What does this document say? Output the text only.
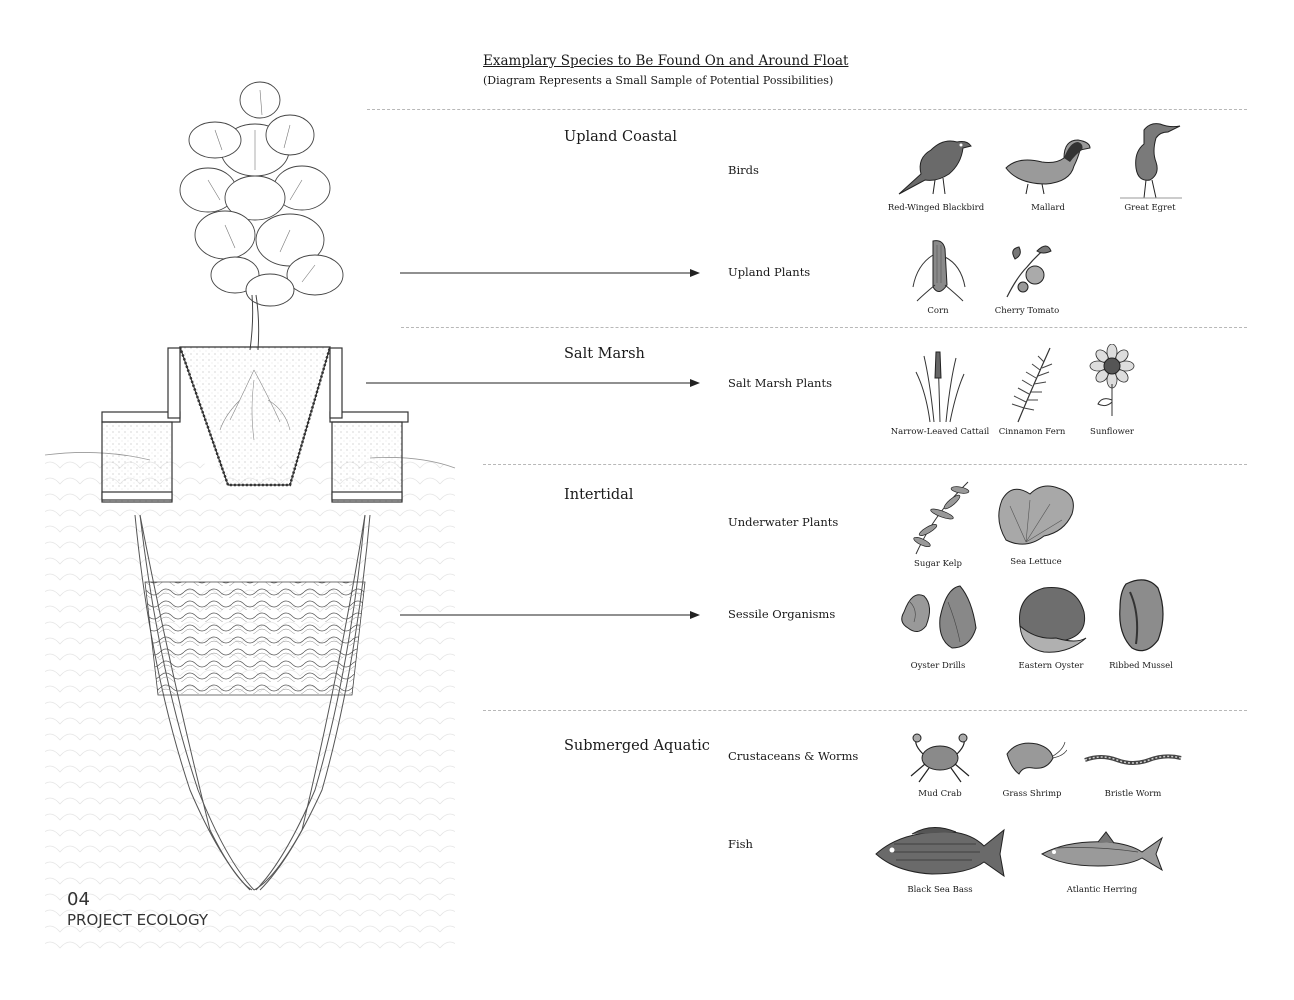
Examplary Species to Be Found On and Around Float
(Diagram Represents a Small Sample of Potential Possibilities)
Upland Coastal
Salt Marsh
Intertidal
Submerged Aquatic
Birds
Upland Plants
Salt Marsh Plants
Underwater Plants
Sessile Organisms
Crustaceans & Worms
Fish
Red-Winged Blackbird	Mallard	Great Egret
Corn	Cherry Tomato
Narrow-Leaved Cattail	Cinnamon Fern	Sunflower
Sugar Kelp	Sea Lettuce
Oyster Drills	Eastern Oyster	Ribbed Mussel
Mud Crab	Grass Shrimp	Bristle Worm
Black Sea Bass	Atlantic Herring
04
PROJECT ECOLOGY
